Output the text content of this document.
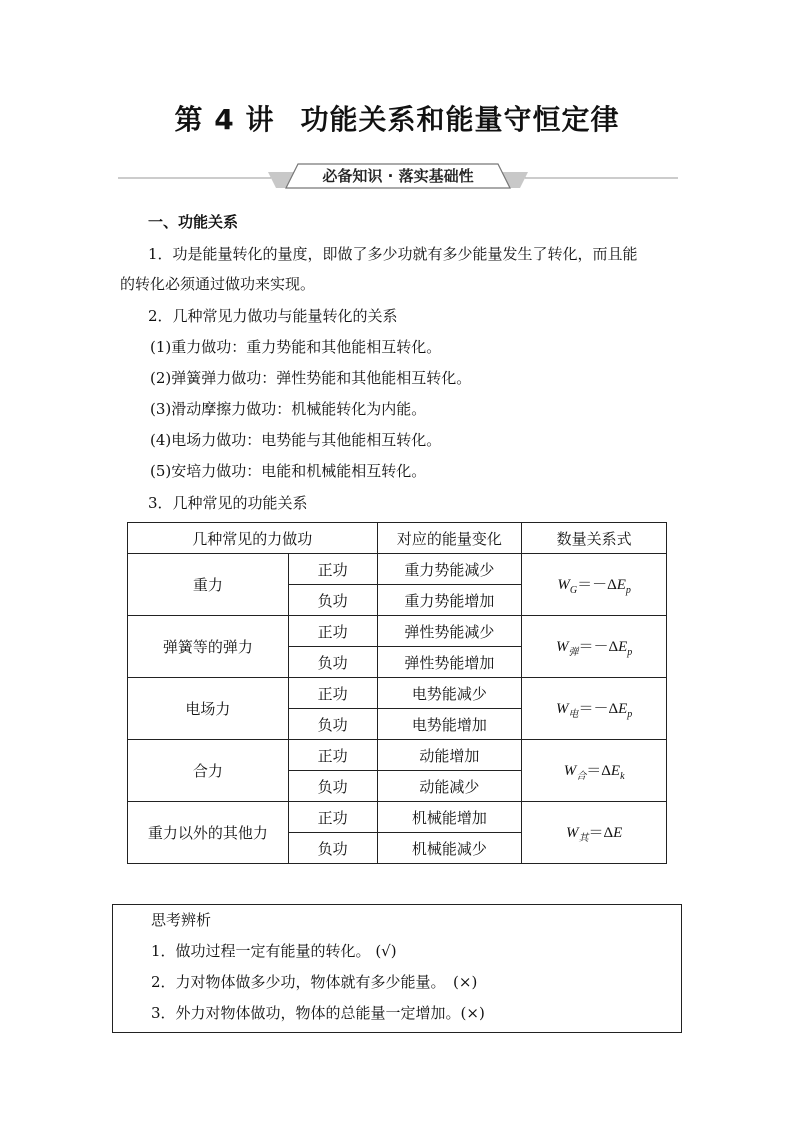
第 4 讲 功能关系和能量守恒定律
必备知识 · 落实基础性
一、功能关系
1．功是能量转化的量度，即做了多少功就有多少能量发生了转化，而且能
的转化必须通过做功来实现。
2．几种常见力做功与能量转化的关系
(1)重力做功：重力势能和其他能相互转化。
(2)弹簧弹力做功：弹性势能和其他能相互转化。
(3)滑动摩擦力做功：机械能转化为内能。
(4)电场力做功：电势能与其他能相互转化。
(5)安培力做功：电能和机械能相互转化。
3．几种常见的功能关系
几种常见的力做功		对应的能量变化	数量关系式
重力	正功	重力势能减少	$W_G=-\Delta E_p$
	负功	重力势能增加	
弹簧等的弹力	正功	弹性势能减少	$W_弹=-\Delta E_p$
	负功	弹性势能增加	
电场力	正功	电势能减少	$W_电=-\Delta E_p$
	负功	电势能增加	
合力	正功	动能增加	$W_合=\Delta E_k$
	负功	动能减少	
重力以外的其他力	正功	机械能增加	$W_其=\Delta E$
	负功	机械能减少	
思考辨析
1．做功过程一定有能量的转化。 (√)
2．力对物体做多少功，物体就有多少能量。　(×)
3．外力对物体做功，物体的总能量一定增加。(×)
